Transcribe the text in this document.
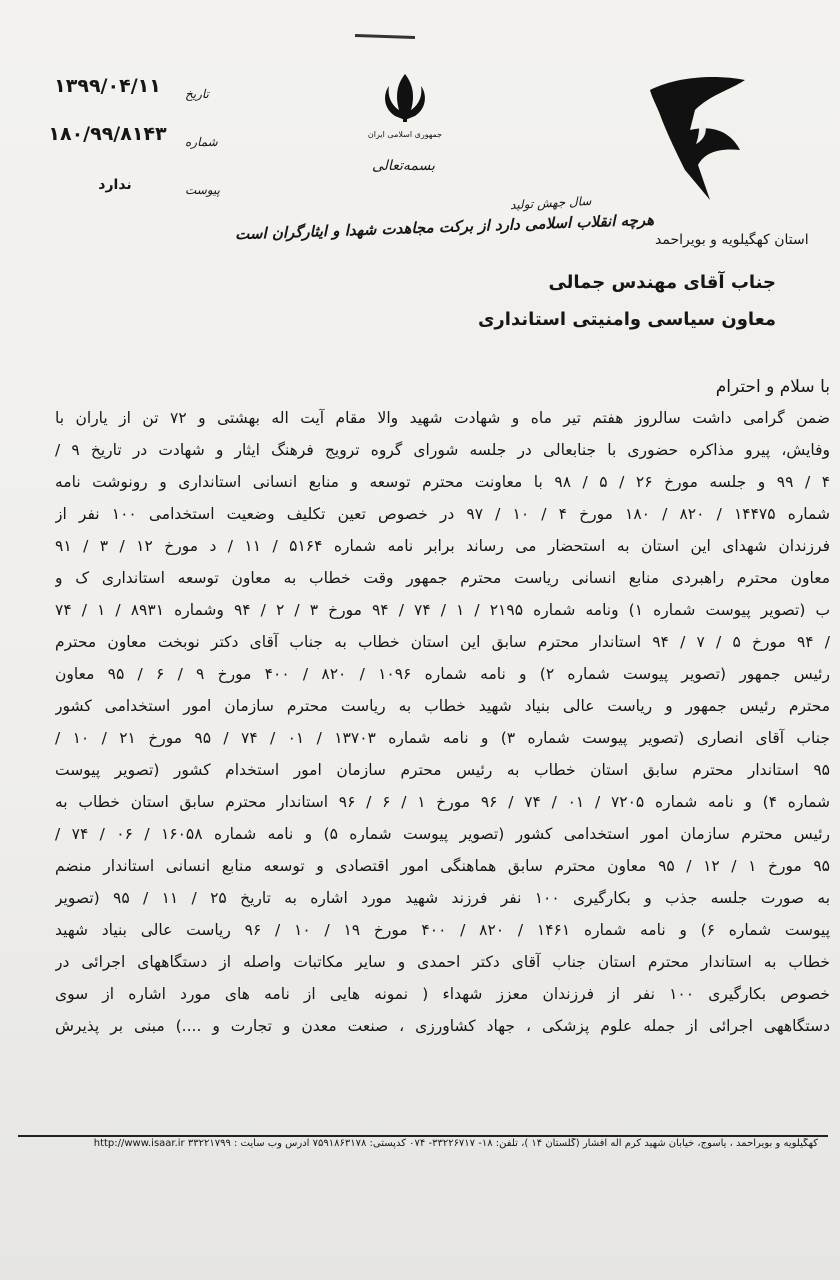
۱۳۹۹/۰۴/۱۱	تاریخ
۱۸۰/۹۹/۸۱۴۳ شماره
ندارد	پیوست
جمهوری اسلامی ایران
بسمه‌تعالی
استان کهگیلویه و بویراحمد
سال جهش تولید
هرچه انقلاب اسلامی دارد از برکت مجاهدت شهدا و ایثارگران است
جناب آقای مهندس جمالی
معاون سیاسی وامنیتی استانداری
با سلام و احترام
ضمن گرامی داشت سالروز هفتم تیر ماه و شهادت شهید والا مقام آیت اله بهشتی و ۷۲ تن از یاران با
وفایش، پیرو مذاکره حضوری با جنابعالی در جلسه شورای گروه ترویج فرهنگ ایثار و شهادت در تاریخ ۹ /
۴ / ۹۹ و جلسه مورخ ۲۶ / ۵ / ۹۸ با معاونت محترم توسعه و منابع انسانی استانداری و رونوشت نامه
شماره ۱۴۴۷۵ / ۸۲۰ / ۱۸۰ مورخ ۴ / ۱۰ / ۹۷ در خصوص تعین تکلیف وضعیت استخدامی ۱۰۰ نفر از
فرزندان شهدای این استان به استحضار می رساند برابر نامه شماره ۵۱۶۴ / ۱۱ / د مورخ ۱۲ / ۳ / ۹۱
معاون محترم راهبردی منابع انسانی ریاست محترم جمهور وقت خطاب به معاون توسعه استانداری ک و
ب (تصویر پیوست شماره ۱) ونامه شماره ۲۱۹۵ / ۱ / ۷۴ / ۹۴ مورخ ۳ / ۲ / ۹۴ وشماره ۸۹۳۱ / ۱ / ۷۴
/ ۹۴ مورخ ۵ / ۷ / ۹۴ استاندار محترم سابق این استان خطاب به جناب آقای دکتر نوبخت معاون محترم
رئیس جمهور (تصویر پیوست شماره ۲) و نامه شماره ۱۰۹۶ / ۸۲۰ / ۴۰۰ مورخ ۹ / ۶ / ۹۵ معاون
محترم رئیس جمهور و ریاست عالی بنیاد شهید خطاب به ریاست محترم سازمان امور استخدامی کشور
جناب آقای انصاری (تصویر پیوست شماره ۳) و نامه شماره ۱۳۷۰۳ / ۰۱ / ۷۴ / ۹۵ مورخ ۲۱ / ۱۰ /
۹۵ استاندار محترم سابق استان خطاب به رئیس محترم سازمان امور استخدام کشور (تصویر پیوست
شماره ۴) و نامه شماره ۷۲۰۵ / ۰۱ / ۷۴ / ۹۶ مورخ ۱ / ۶ / ۹۶ استاندار محترم سابق استان خطاب به
رئیس محترم سازمان امور استخدامی کشور (تصویر پیوست شماره ۵) و نامه شماره ۱۶۰۵۸ / ۰۶ / ۷۴ /
۹۵ مورخ ۱ / ۱۲ / ۹۵ معاون محترم سابق هماهنگی امور اقتصادی و توسعه منابع انسانی استاندار منضم
به صورت جلسه جذب و بکارگیری ۱۰۰ نفر فرزند شهید مورد اشاره به تاریخ ۲۵ / ۱۱ / ۹۵ (تصویر
پیوست شماره ۶) و نامه شماره ۱۴۶۱ / ۸۲۰ / ۴۰۰ مورخ ۱۹ / ۱۰ / ۹۶ ریاست عالی بنیاد شهید
خطاب به استاندار محترم استان جناب آقای دکتر احمدی و سایر مکاتبات واصله از دستگاههای اجرائی در
خصوص بکارگیری ۱۰۰ نفر از فرزندان معزز شهداء ( نمونه هایی از نامه های مورد اشاره از سوی
دستگاههی اجرائی از جمله علوم پزشکی ، جهاد کشاورزی ، صنعت معدن و تجارت و ....) مبنی بر پذیرش
کهگیلویه و بویراحمد ، یاسوج، خیابان شهید کرم اله افشار (گلستان ۱۴ )، تلفن: ۱۸- ۳۳۲۲۶۷۱۷- ۰۷۴ کدپستی: ۷۵۹۱۸۶۳۱۷۸ آدرس وب سایت : ۳۳۲۲۱۷۹۹ http://www.isaar.ir
